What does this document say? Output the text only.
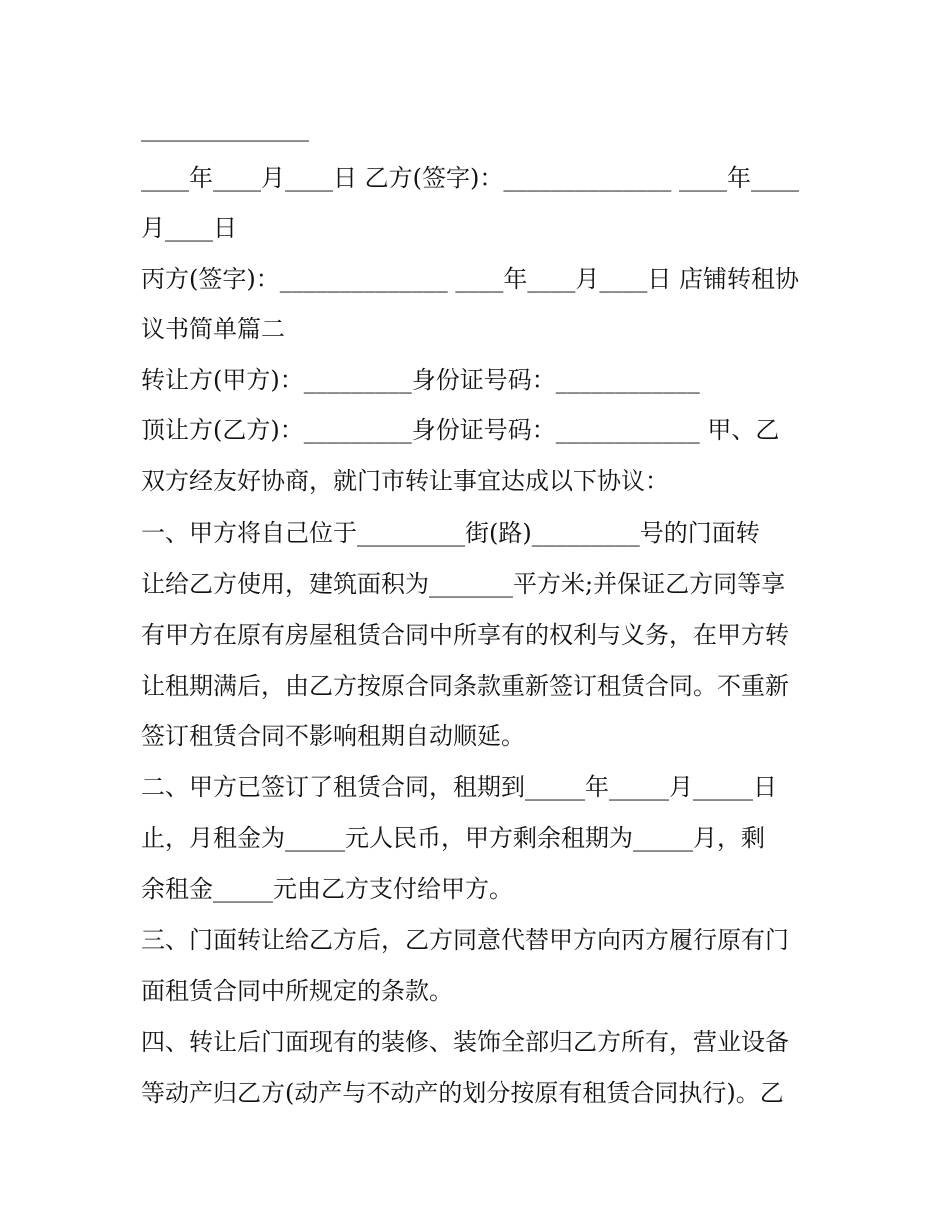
______________
____年____月____日 乙方(签字)：______________ ____年____
月____日
丙方(签字)：______________ ____年____月____日 店铺转租协
议书简单篇二
转让方(甲方)：_________身份证号码：____________
顶让方(乙方)：_________身份证号码：____________ 甲、乙
双方经友好协商，就门市转让事宜达成以下协议：
一、甲方将自己位于_________街(路)_________号的门面转
让给乙方使用，建筑面积为_______平方米;并保证乙方同等享
有甲方在原有房屋租赁合同中所享有的权利与义务，在甲方转
让租期满后，由乙方按原合同条款重新签订租赁合同。不重新
签订租赁合同不影响租期自动顺延。
二、甲方已签订了租赁合同，租期到_____年_____月_____日
止，月租金为_____元人民币，甲方剩余租期为_____月，剩
余租金_____元由乙方支付给甲方。
三、门面转让给乙方后，乙方同意代替甲方向丙方履行原有门
面租赁合同中所规定的条款。
四、转让后门面现有的装修、装饰全部归乙方所有，营业设备
等动产归乙方(动产与不动产的划分按原有租赁合同执行)。乙
